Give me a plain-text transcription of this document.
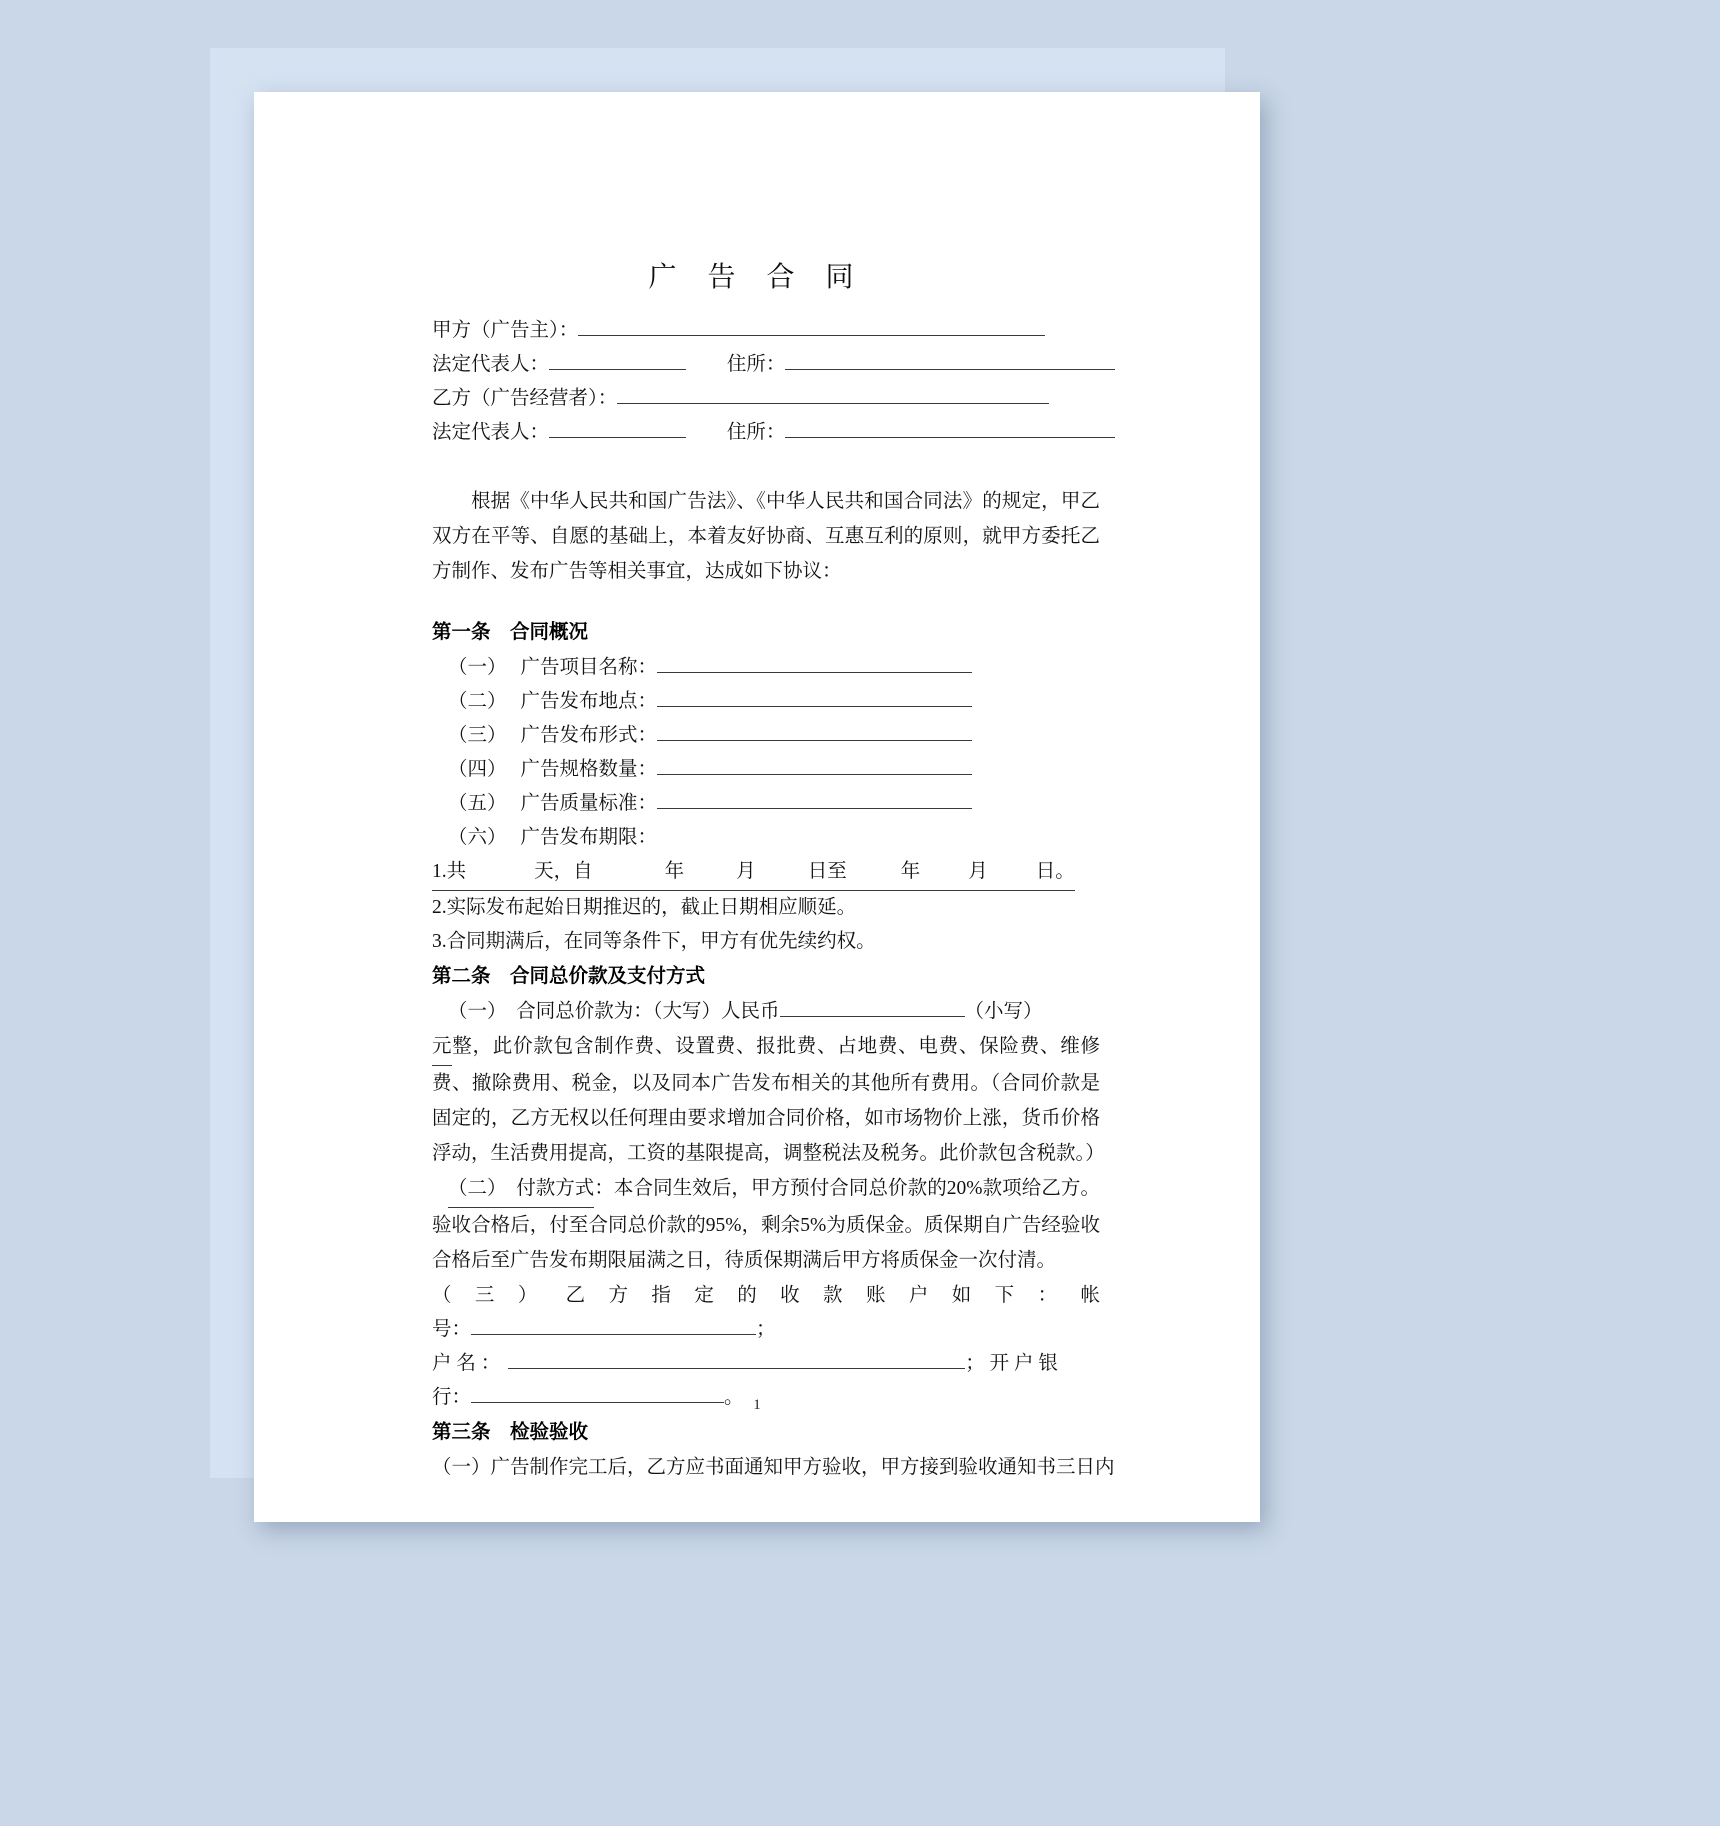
广 告 合 同
甲方（广告主）：
法定代表人：	住所：
乙方（广告经营者）：
法定代表人：	住所：
根据《中华人民共和国广告法》、《中华人民共和国合同法》的规定，甲乙双方在平等、自愿的基础上，本着友好协商、互惠互利的原则，就甲方委托乙方制作、发布广告等相关事宜，达成如下协议：
第一条　合同概况
（一） 广告项目名称：
（二） 广告发布地点：
（三） 广告发布形式：
（四） 广告规格数量：
（五） 广告质量标准：
（六） 广告发布期限：
1.共	天，自	年	月	日至	年 月 日。
2.实际发布起始日期推迟的，截止日期相应顺延。
3.合同期满后，在同等条件下，甲方有优先续约权。
第二条　合同总价款及支付方式
（一）　合同总价款为：（大写）人民币	（小写）
元整，此价款包含制作费、设置费、报批费、占地费、电费、保险费、维修费、撤除费用、税金，以及同本广告发布相关的其他所有费用。（合同价款是固定的，乙方无权以任何理由要求增加合同价格，如市场物价上涨，货币价格浮动，生活费用提高，工资的基限提高，调整税法及税务。此价款包含税款。）
（二）　付款方式：本合同生效后，甲方预付合同总价款的20%款项给乙方。验收合格后，付至合同总价款的95%，剩余5%为质保金。质保期自广告经验收合格后至广告发布期限届满之日，待质保期满后甲方将质保金一次付清。
（ 三 ）　乙 方 指 定 的 收 款 账 户 如 下 ： 帐
号：	；
户 名 ：	； 开 户 银
行：	。
第三条　检验验收
（一）广告制作完工后，乙方应书面通知甲方验收，甲方接到验收通知书三日内
1
